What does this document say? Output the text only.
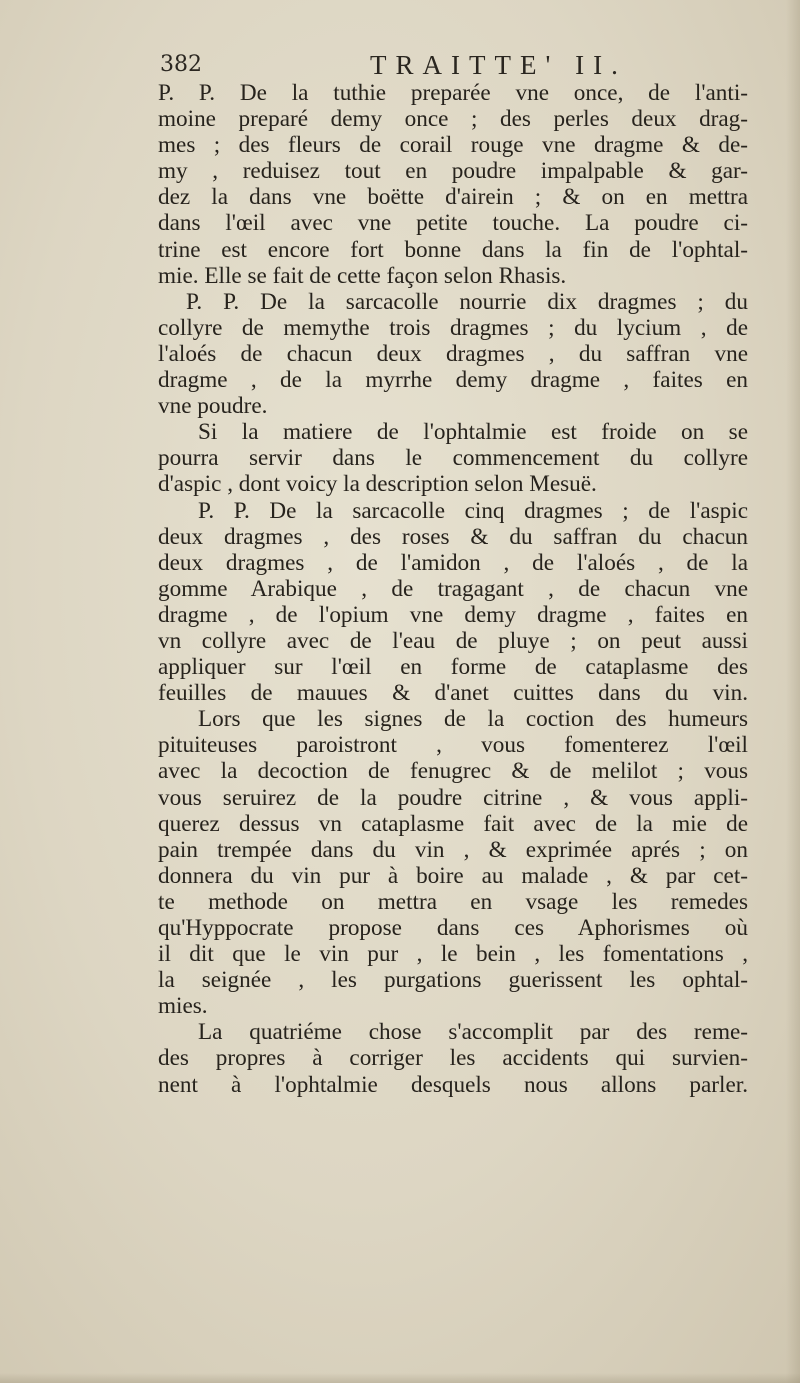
382	TRAITTE' II.
P. P. De la tuthie preparée vne once, de l'anti-
moine preparé demy once ; des perles deux drag-
mes ; des fleurs de corail rouge vne dragme & de-
my , reduisez tout en poudre impalpable & gar-
dez la dans vne boëtte d'airein ; & on en mettra
dans l'œil avec vne petite touche. La poudre ci-
trine est encore fort bonne dans la fin de l'ophtal-
mie. Elle se fait de cette façon selon Rhasis.
P. P. De la sarcacolle nourrie dix dragmes ; du
collyre de memythe trois dragmes ; du lycium , de
l'aloés de chacun deux dragmes , du saffran vne
dragme , de la myrrhe demy dragme , faites en
vne poudre.
Si la matiere de l'ophtalmie est froide on se
pourra servir dans le commencement du collyre
d'aspic , dont voicy la description selon Mesuë.
P. P. De la sarcacolle cinq dragmes ; de l'aspic
deux dragmes , des roses & du saffran du chacun
deux dragmes , de l'amidon , de l'aloés , de la
gomme Arabique , de tragagant , de chacun vne
dragme , de l'opium vne demy dragme , faites en
vn collyre avec de l'eau de pluye ; on peut aussi
appliquer sur l'œil en forme de cataplasme des
feuilles de mauues & d'anet cuittes dans du vin.
Lors que les signes de la coction des humeurs
pituiteuses paroistront , vous fomenterez l'œil
avec la decoction de fenugrec & de melilot ; vous
vous seruirez de la poudre citrine , & vous appli-
querez dessus vn cataplasme fait avec de la mie de
pain trempée dans du vin , & exprimée aprés ; on
donnera du vin pur à boire au malade , & par cet-
te methode on mettra en vsage les remedes
qu'Hyppocrate propose dans ces Aphorismes où
il dit que le vin pur , le bein , les fomentations ,
la seignée , les purgations guerissent les ophtal-
mies.
La quatriéme chose s'accomplit par des reme-
des propres à corriger les accidents qui survien-
nent à l'ophtalmie desquels nous allons parler.
